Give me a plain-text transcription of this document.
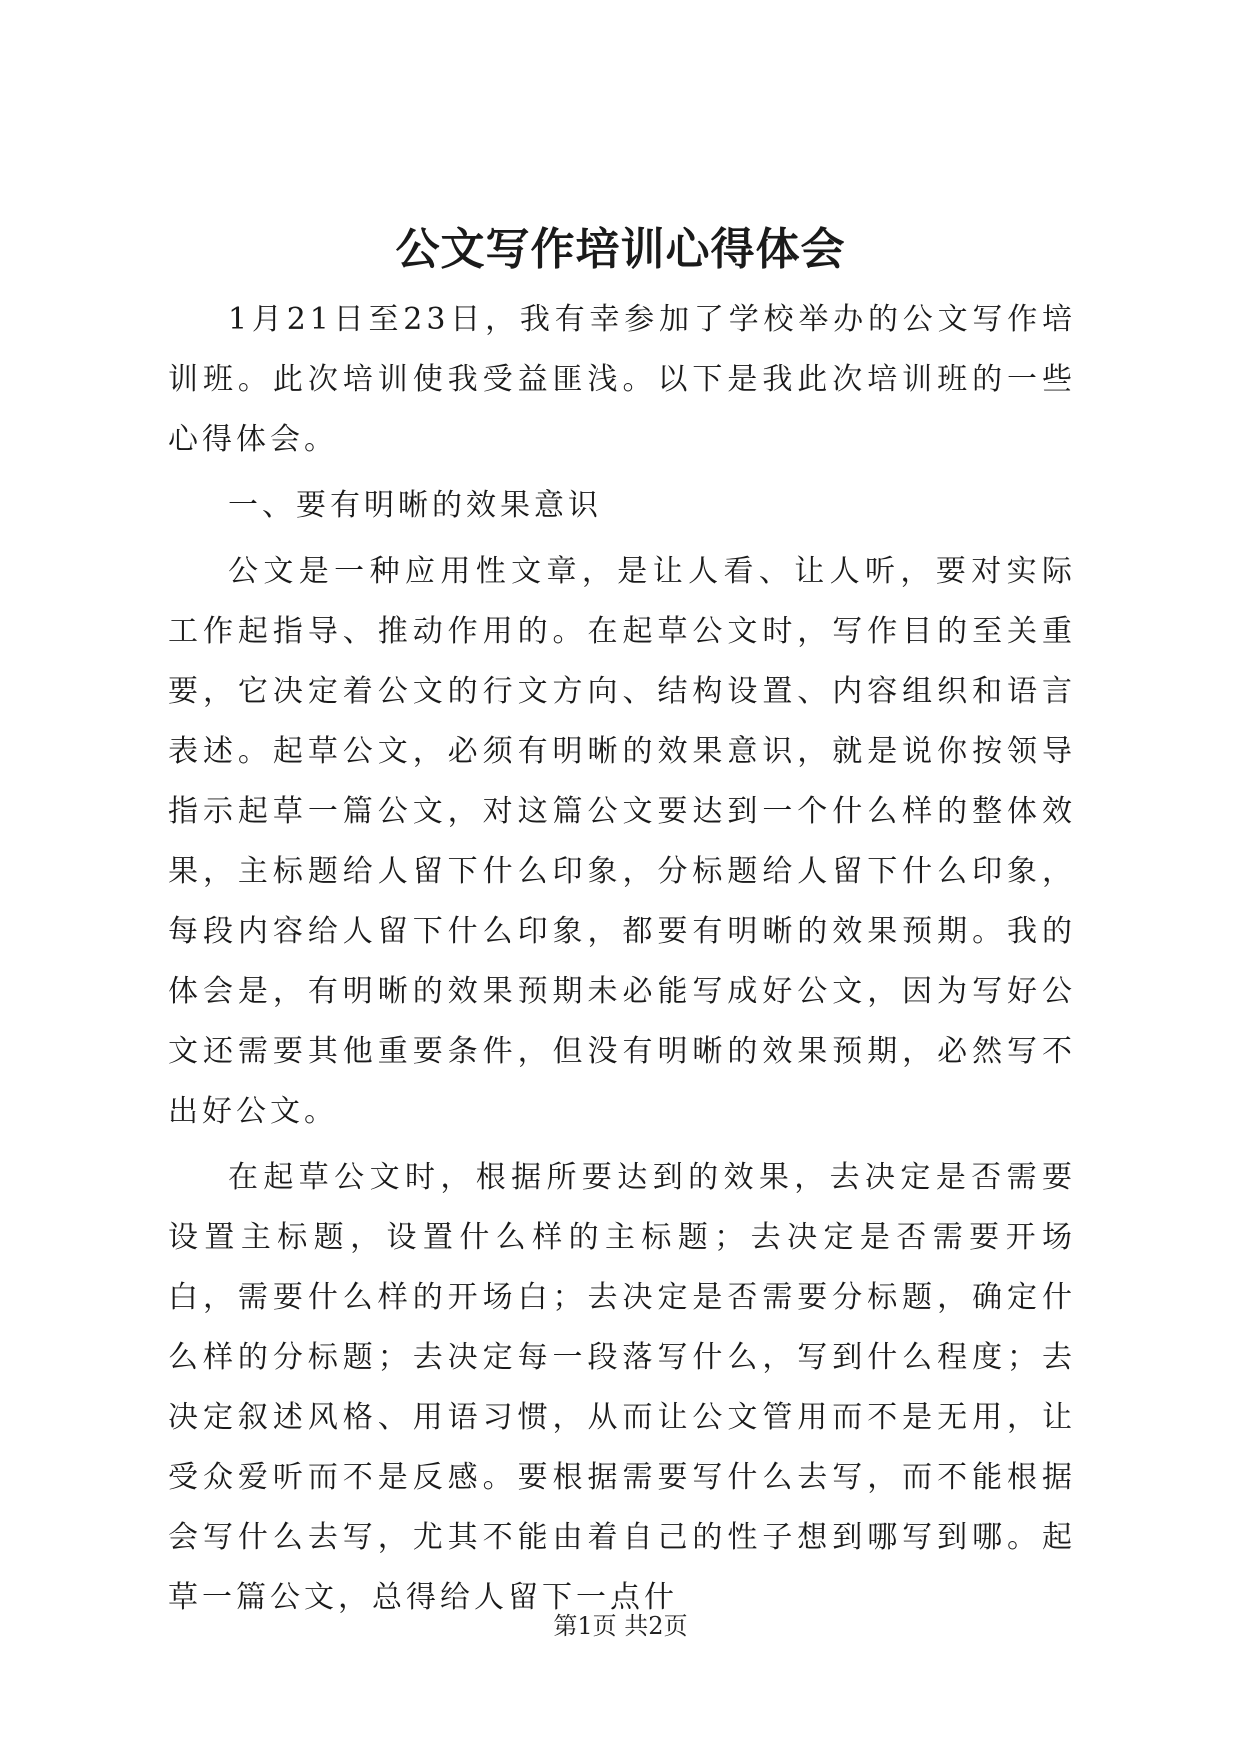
公文写作培训心得体会

1月21日至23日，我有幸参加了学校举办的公文写作培训班。此次培训使我受益匪浅。以下是我此次培训班的一些心得体会。

一、要有明晰的效果意识

公文是一种应用性文章，是让人看、让人听，要对实际工作起指导、推动作用的。在起草公文时，写作目的至关重要，它决定着公文的行文方向、结构设置、内容组织和语言表述。起草公文，必须有明晰的效果意识，就是说你按领导指示起草一篇公文，对这篇公文要达到一个什么样的整体效果，主标题给人留下什么印象，分标题给人留下什么印象，每段内容给人留下什么印象，都要有明晰的效果预期。我的体会是，有明晰的效果预期未必能写成好公文，因为写好公文还需要其他重要条件，但没有明晰的效果预期，必然写不出好公文。

在起草公文时，根据所要达到的效果，去决定是否需要设置主标题，设置什么样的主标题；去决定是否需要开场白，需要什么样的开场白；去决定是否需要分标题，确定什么样的分标题；去决定每一段落写什么，写到什么程度；去决定叙述风格、用语习惯，从而让公文管用而不是无用，让受众爱听而不是反感。要根据需要写什么去写，而不能根据会写什么去写，尤其不能由着自己的性子想到哪写到哪。起草一篇公文，总得给人留下一点什

第1页 共2页
